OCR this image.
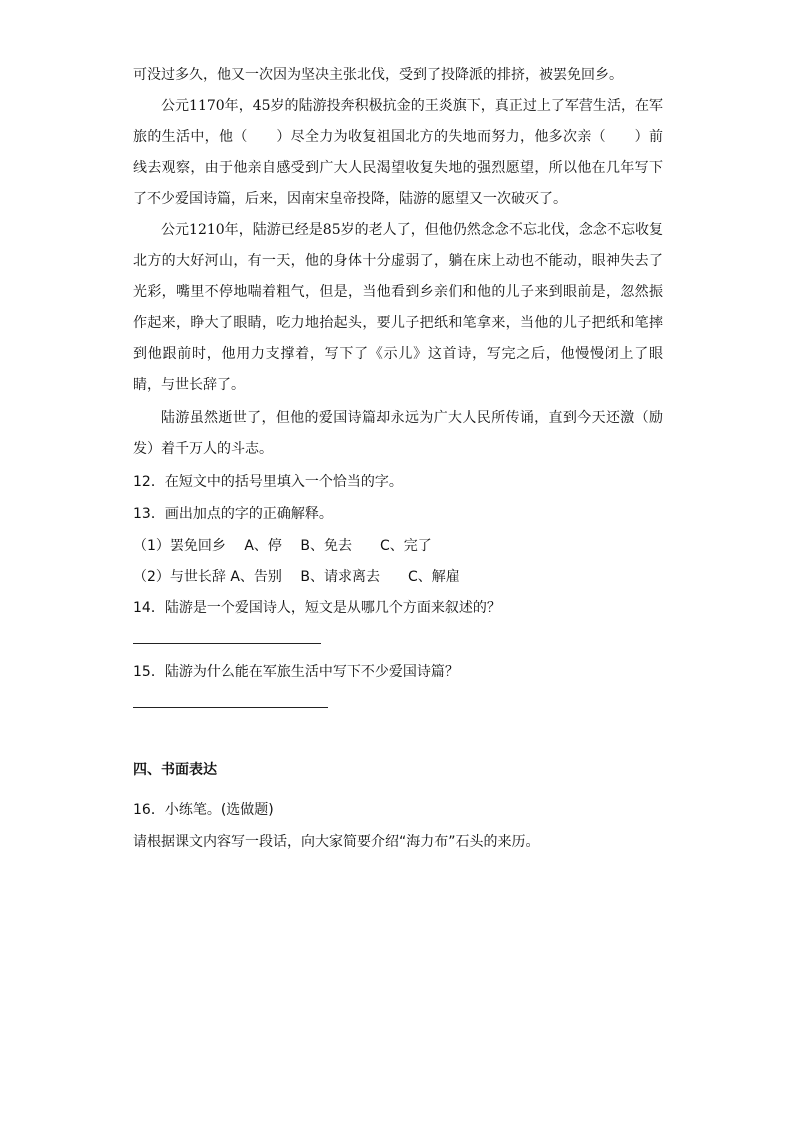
可没过多久，他又一次因为坚决主张北伐，受到了投降派的排挤，被罢免回乡。
公元1170年，45岁的陆游投奔积极抗金的王炎旗下，真正过上了军营生活，在军旅的生活中，他（　　）尽全力为收复祖国北方的失地而努力，他多次亲（　　）前线去观察，由于他亲自感受到广大人民渴望收复失地的强烈愿望，所以他在几年写下了不少爱国诗篇，后来，因南宋皇帝投降，陆游的愿望又一次破灭了。
公元1210年，陆游已经是85岁的老人了，但他仍然念念不忘北伐，念念不忘收复北方的大好河山，有一天，他的身体十分虚弱了，躺在床上动也不能动，眼神失去了光彩，嘴里不停地喘着粗气，但是，当他看到乡亲们和他的儿子来到眼前是，忽然振作起来，睁大了眼睛，吃力地抬起头，要儿子把纸和笔拿来，当他的儿子把纸和笔摔到他跟前时，他用力支撑着，写下了《示儿》这首诗，写完之后，他慢慢闭上了眼睛，与世长辞了。
陆游虽然逝世了，但他的爱国诗篇却永远为广大人民所传诵，直到今天还激（励发）着千万人的斗志。
12．在短文中的括号里填入一个恰当的字。
13．画出加点的字的正确解释。
（1）罢免回乡　 A、停　 B、免去　　C、完了
（2）与世长辞 A、告别　 B、请求离去　　C、解雇
14．陆游是一个爱国诗人，短文是从哪几个方面来叙述的？
15．陆游为什么能在军旅生活中写下不少爱国诗篇？
四、书面表达
16．小练笔。(选做题)
请根据课文内容写一段话，向大家简要介绍“海力布”石头的来历。
